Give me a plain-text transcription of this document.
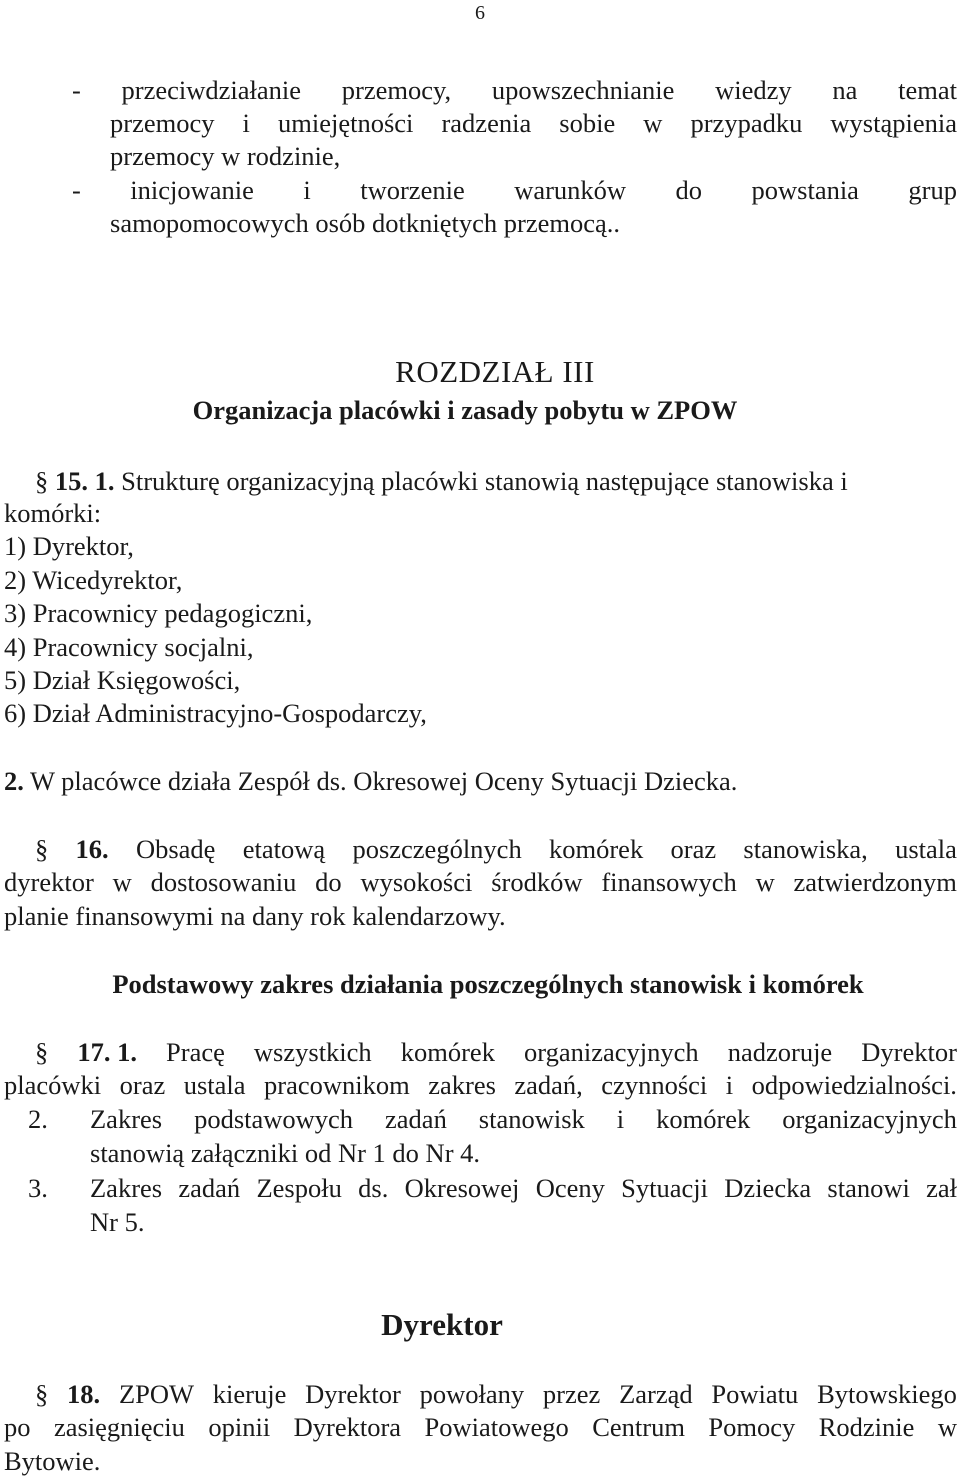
6
- przeciwdziałanie przemocy, upowszechnianie wiedzy na temat
przemocy i umiejętności radzenia sobie w przypadku wystąpienia
przemocy w rodzinie,
- inicjowanie i tworzenie warunków do powstania grup
samopomocowych osób dotkniętych przemocą..
ROZDZIAŁ III
Organizacja placówki i zasady pobytu w ZPOW
§ 15. 1. Strukturę organizacyjną placówki stanowią następujące stanowiska i
komórki:
1) Dyrektor,
2) Wicedyrektor,
3) Pracownicy pedagogiczni,
4) Pracownicy socjalni,
5) Dział Księgowości,
6) Dział Administracyjno-Gospodarczy,
2. W placówce działa Zespół ds. Okresowej Oceny Sytuacji Dziecka.
§ 16. Obsadę etatową poszczególnych komórek oraz stanowiska, ustala
dyrektor w dostosowaniu do wysokości środków finansowych w zatwierdzonym
planie finansowymi na dany rok kalendarzowy.
Podstawowy zakres działania poszczególnych stanowisk i komórek
§ 17. 1. Pracę wszystkich komórek organizacyjnych nadzoruje Dyrektor
placówki oraz ustala pracownikom zakres zadań, czynności i odpowiedzialności.
2.	Zakres podstawowych zadań stanowisk i komórek organizacyjnych
stanowią załączniki od Nr 1 do Nr 4.
3.	Zakres zadań Zespołu ds. Okresowej Oceny Sytuacji Dziecka stanowi zał
Nr 5.
Dyrektor
§ 18. ZPOW kieruje Dyrektor powołany przez Zarząd Powiatu Bytowskiego
po zasięgnięciu opinii Dyrektora Powiatowego Centrum Pomocy Rodzinie w
Bytowie.
